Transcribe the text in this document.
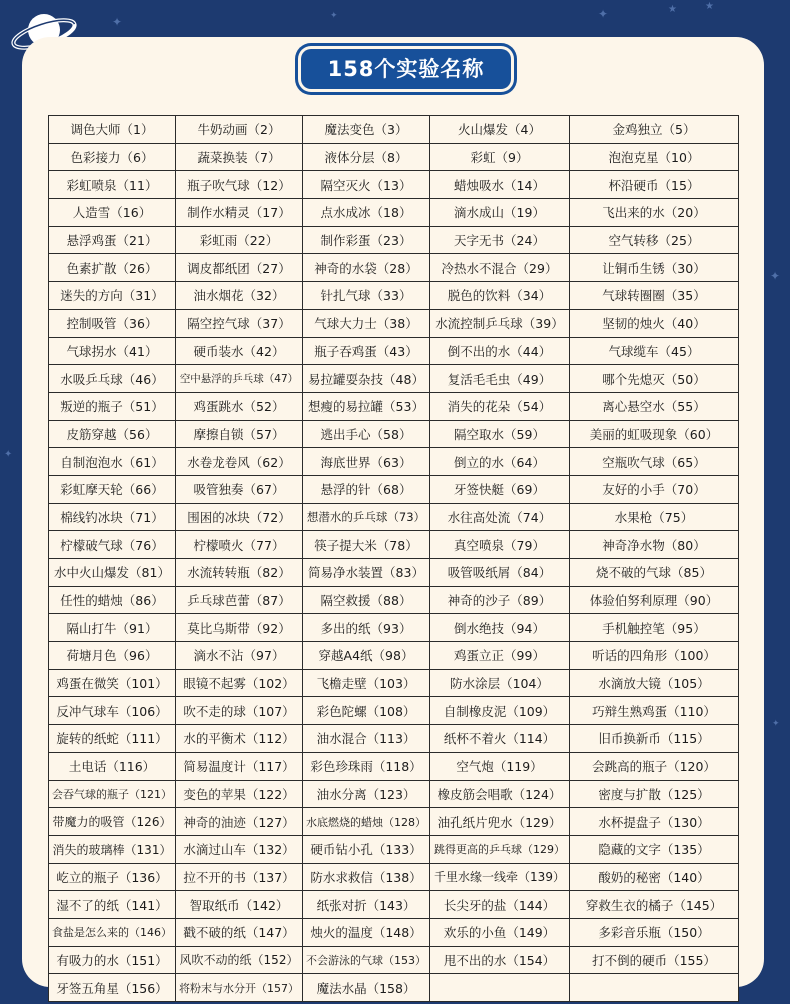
✦	✦	✦	★	★
✦
✦
✦
158个实验名称
调色大师（1）	牛奶动画（2）	魔法变色（3）	火山爆发（4）	金鸡独立（5）
色彩接力（6）	蔬菜换装（7）	液体分层（8）	彩虹（9）	泡泡克星（10）
彩虹喷泉（11）	瓶子吹气球（12）	隔空灭火（13）	蜡烛吸水（14）	杯沿硬币（15）
人造雪（16）	制作水精灵（17）	点水成冰（18）	滴水成山（19）	飞出来的水（20）
悬浮鸡蛋（21）	彩虹雨（22）	制作彩蛋（23）	天字无书（24）	空气转移（25）
色素扩散（26）	调皮都纸团（27）	神奇的水袋（28）	冷热水不混合（29）	让铜币生锈（30）
迷失的方向（31）	油水烟花（32）	针扎气球（33）	脱色的饮料（34）	气球转圈圈（35）
控制吸管（36）	隔空控气球（37）	气球大力士（38）	水流控制乒乓球（39）	坚韧的烛火（40）
气球拐水（41）	硬币装水（42）	瓶子吞鸡蛋（43）	倒不出的水（44）	气球缆车（45）
水吸乒乓球（46）	空中悬浮的乒乓球（47）	易拉罐耍杂技（48）	复活毛毛虫（49）	哪个先熄灭（50）
叛逆的瓶子（51）	鸡蛋跳水（52）	想瘦的易拉罐（53）	消失的花朵（54）	离心悬空水（55）
皮筋穿越（56）	摩擦自锁（57）	逃出手心（58）	隔空取水（59）	美丽的虹吸现象（60）
自制泡泡水（61）	水卷龙卷风（62）	海底世界（63）	倒立的水（64）	空瓶吹气球（65）
彩虹摩天轮（66）	吸管独奏（67）	悬浮的针（68）	牙签快艇（69）	友好的小手（70）
棉线钓冰块（71）	围困的冰块（72）	想潜水的乒乓球（73）	水往高处流（74）	水果枪（75）
柠檬破气球（76）	柠檬喷火（77）	筷子提大米（78）	真空喷泉（79）	神奇净水物（80）
水中火山爆发（81）	水流转转瓶（82）	简易净水装置（83）	吸管吸纸屑（84）	烧不破的气球（85）
任性的蜡烛（86）	乒乓球芭蕾（87）	隔空救援（88）	神奇的沙子（89）	体验伯努利原理（90）
隔山打牛（91）	莫比乌斯带（92）	多出的纸（93）	倒水绝技（94）	手机触控笔（95）
荷塘月色（96）	滴水不沾（97）	穿越A4纸（98）	鸡蛋立正（99）	听话的四角形（100）
鸡蛋在微笑（101）	眼镜不起雾（102）	飞檐走壁（103）	防水涂层（104）	水滴放大镜（105）
反冲气球车（106）	吹不走的球（107）	彩色陀螺（108）	自制橡皮泥（109）	巧辩生熟鸡蛋（110）
旋转的纸蛇（111）	水的平衡术（112）	油水混合（113）	纸杯不着火（114）	旧币换新币（115）
土电话（116）	简易温度计（117）	彩色珍珠雨（118）	空气炮（119）	会跳高的瓶子（120）
会吞气球的瓶子（121）	变色的苹果（122）	油水分离（123）	橡皮筋会唱歌（124）	密度与扩散（125）
带魔力的吸管（126）	神奇的油迹（127）	水底燃烧的蜡烛（128）	油孔纸片兜水（129）	水杯提盘子（130）
消失的玻璃棒（131）	水滴过山车（132）	硬币钻小孔（133）	跳得更高的乒乓球（129）	隐藏的文字（135）
屹立的瓶子（136）	拉不开的书（137）	防水求救信（138）	千里水缘一线牵（139）	酸奶的秘密（140）
湿不了的纸（141）	智取纸币（142）	纸张对折（143）	长尖牙的盐（144）	穿救生衣的橘子（145）
食盐是怎么来的（146）	戳不破的纸（147）	烛火的温度（148）	欢乐的小鱼（149）	多彩音乐瓶（150）
有吸力的水（151）	风吹不动的纸（152）	不会游泳的气球（153）	甩不出的水（154）	打不倒的硬币（155）
牙签五角星（156）	将粉末与水分开（157）	魔法水晶（158）		
